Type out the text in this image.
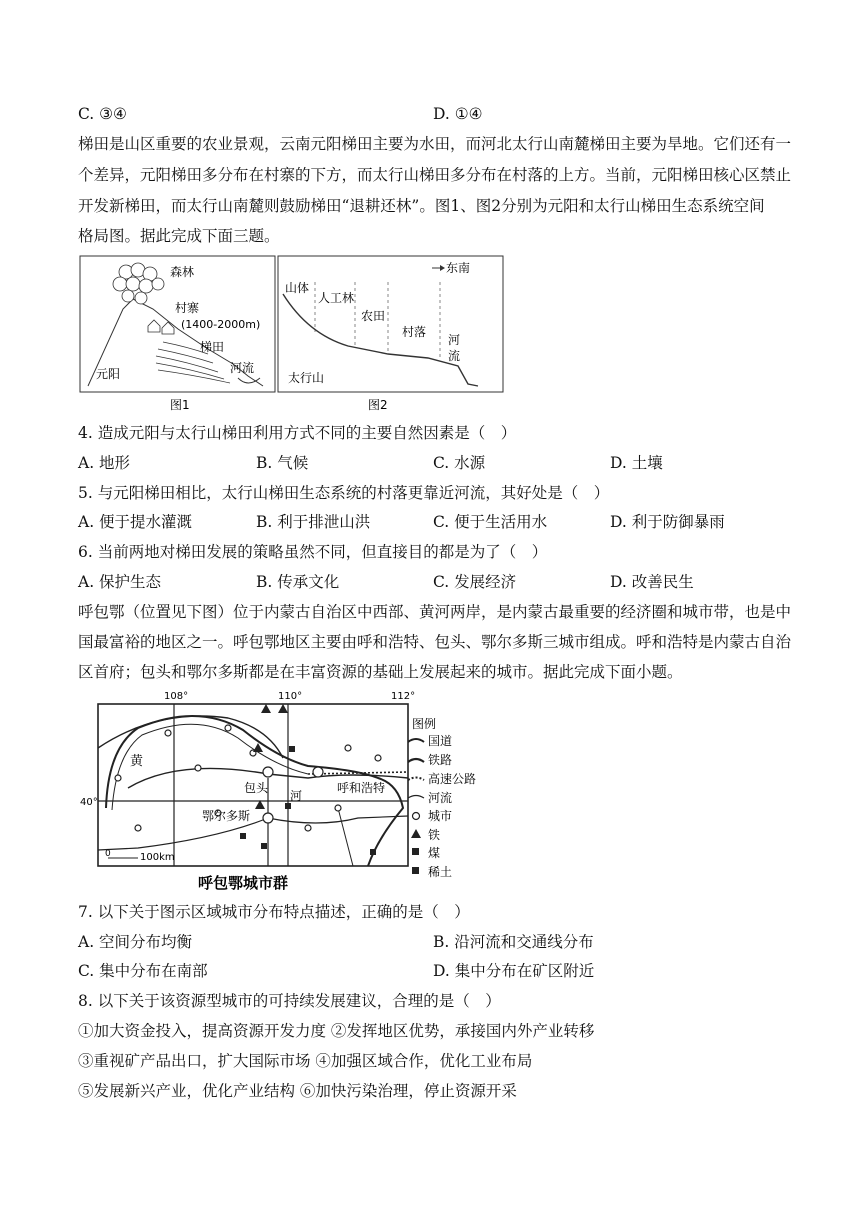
C. ③④	D. ①④
梯田是山区重要的农业景观，云南元阳梯田主要为水田，而河北太行山南麓梯田主要为旱地。它们还有一
个差异，元阳梯田多分布在村寨的下方，而太行山梯田多分布在村落的上方。当前，元阳梯田核心区禁止
开发新梯田，而太行山南麓则鼓励梯田“退耕还林”。图1、图2分别为元阳和太行山梯田生态系统空间
格局图。据此完成下面三题。
森林
村寨
(1400-2000m)
梯田
元阳	河流
图1
东南
山体
人工林
农田
村落
河
流
太行山
图2
4. 造成元阳与太行山梯田利用方式不同的主要自然因素是（　）
A. 地形	B. 气候	C. 水源	D. 土壤
5. 与元阳梯田相比，太行山梯田生态系统的村落更靠近河流，其好处是（　）
A. 便于提水灌溉	B. 利于排泄山洪	C. 便于生活用水	D. 利于防御暴雨
6. 当前两地对梯田发展的策略虽然不同，但直接目的都是为了（　）
A. 保护生态	B. 传承文化	C. 发展经济	D. 改善民生
呼包鄂（位置见下图）位于内蒙古自治区中西部、黄河两岸，是内蒙古最重要的经济圈和城市带，也是中
国最富裕的地区之一。呼包鄂地区主要由呼和浩特、包头、鄂尔多斯三城市组成。呼和浩特是内蒙古自治
区首府；包头和鄂尔多斯都是在丰富资源的基础上发展起来的城市。据此完成下面小题。
108°	110°	112°
40°
黄
包头
河
呼和浩特
鄂尔多斯
0	100km
呼包鄂城市群
图例
国道
铁路
高速公路
河流
城市
铁
煤
稀土
7. 以下关于图示区域城市分布特点描述，正确的是（　）
A. 空间分布均衡	B. 沿河流和交通线分布
C. 集中分布在南部	D. 集中分布在矿区附近
8. 以下关于该资源型城市的可持续发展建议，合理的是（　）
①加大资金投入，提高资源开发力度 ②发挥地区优势，承接国内外产业转移
③重视矿产品出口，扩大国际市场 ④加强区域合作，优化工业布局
⑤发展新兴产业，优化产业结构 ⑥加快污染治理，停止资源开采
